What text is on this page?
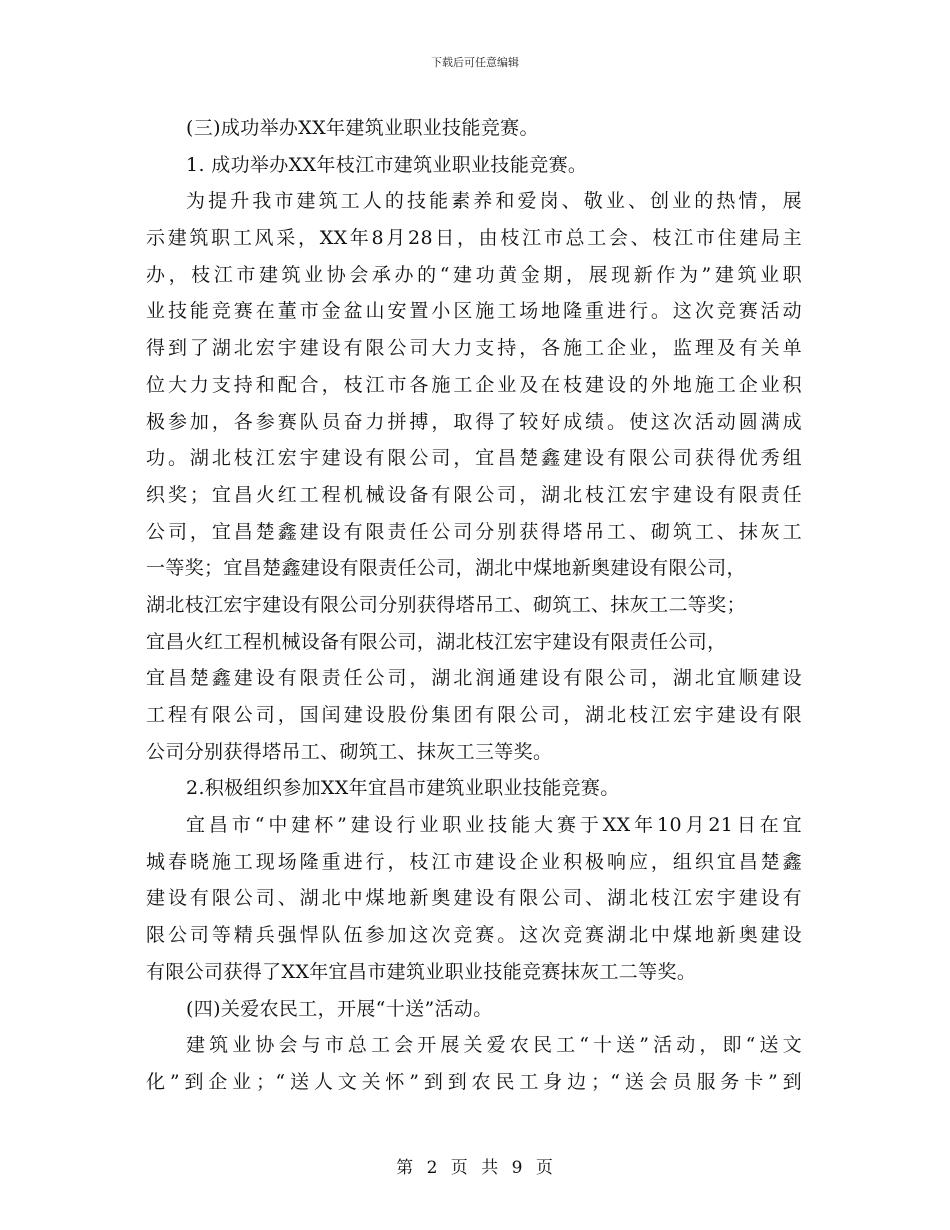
下载后可任意编辑
(三)成功举办XX年建筑业职业技能竞赛。
1. 成功举办XX年枝江市建筑业职业技能竞赛。
为提升我市建筑工人的技能素养和爱岗、敬业、创业的热情，展
示建筑职工风采，XX年8月28日，由枝江市总工会、枝江市住建局主
办，枝江市建筑业协会承办的“建功黄金期，展现新作为”建筑业职
业技能竞赛在董市金盆山安置小区施工场地隆重进行。这次竞赛活动
得到了湖北宏宇建设有限公司大力支持，各施工企业，监理及有关单
位大力支持和配合，枝江市各施工企业及在枝建设的外地施工企业积
极参加，各参赛队员奋力拼搏，取得了较好成绩。使这次活动圆满成
功。湖北枝江宏宇建设有限公司，宜昌楚鑫建设有限公司获得优秀组
织奖；宜昌火红工程机械设备有限公司，湖北枝江宏宇建设有限责任
公司，宜昌楚鑫建设有限责任公司分别获得塔吊工、砌筑工、抹灰工
一等奖；宜昌楚鑫建设有限责任公司，湖北中煤地新奥建设有限公司，
湖北枝江宏宇建设有限公司分别获得塔吊工、砌筑工、抹灰工二等奖；
宜昌火红工程机械设备有限公司，湖北枝江宏宇建设有限责任公司，
宜昌楚鑫建设有限责任公司，湖北润通建设有限公司，湖北宜顺建设
工程有限公司，国闰建设股份集团有限公司，湖北枝江宏宇建设有限
公司分别获得塔吊工、砌筑工、抹灰工三等奖。
2.积极组织参加XX年宜昌市建筑业职业技能竞赛。
宜昌市“中建杯”建设行业职业技能大赛于XX年10月21日在宜
城春晓施工现场隆重进行，枝江市建设企业积极响应，组织宜昌楚鑫
建设有限公司、湖北中煤地新奥建设有限公司、湖北枝江宏宇建设有
限公司等精兵强悍队伍参加这次竞赛。这次竞赛湖北中煤地新奥建设
有限公司获得了XX年宜昌市建筑业职业技能竞赛抹灰工二等奖。
(四)关爱农民工，开展“十送”活动。
建筑业协会与市总工会开展关爱农民工“十送”活动，即“送文
化”到企业；“送人文关怀”到到农民工身边；“送会员服务卡”到
第 2 页 共 9 页
